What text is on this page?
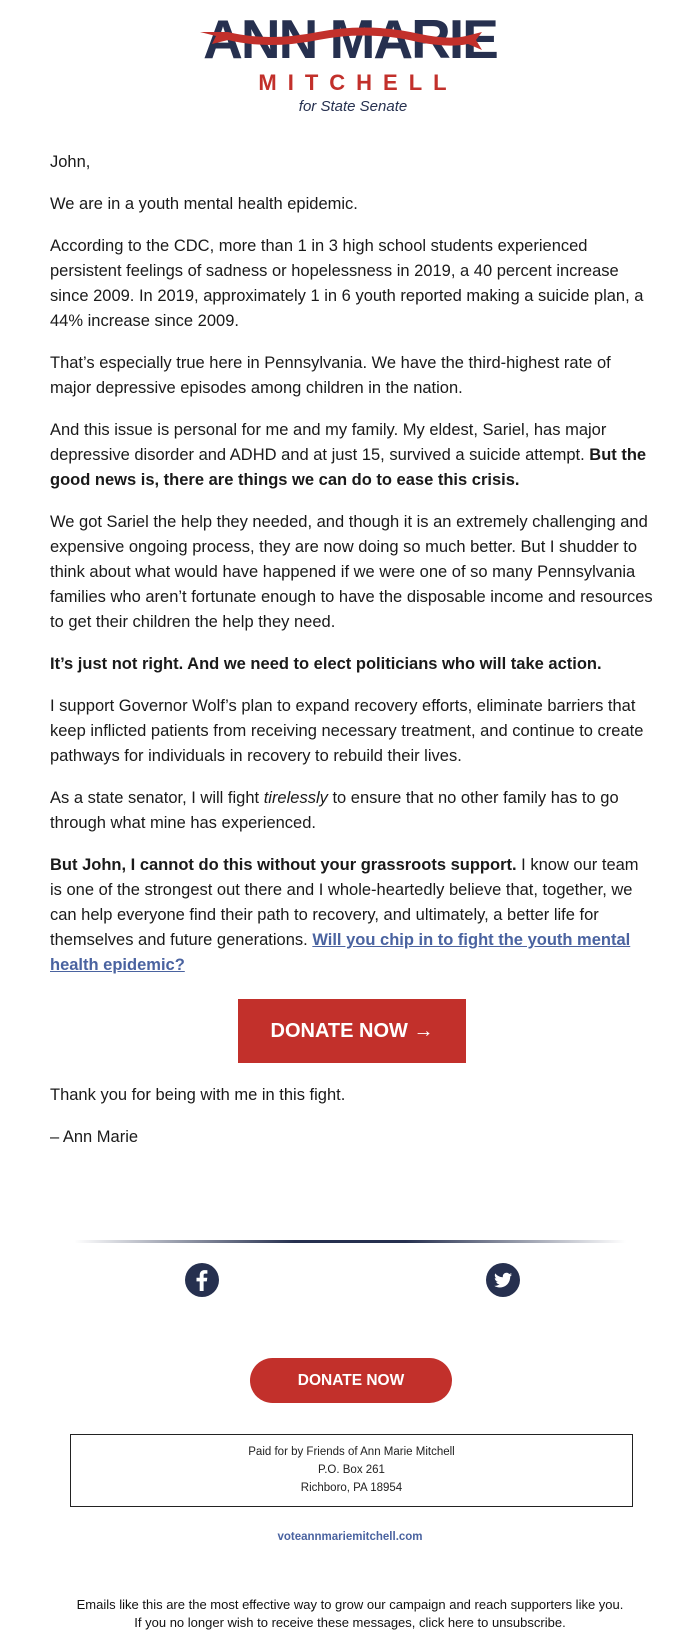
ANN MARIE
MITCHELL
for State Senate
John,
We are in a youth mental health epidemic.
According to the CDC, more than 1 in 3 high school students experienced persistent feelings of sadness or hopelessness in 2019, a 40 percent increase since 2009. In 2019, approximately 1 in 6 youth reported making a suicide plan, a 44% increase since 2009.
That’s especially true here in Pennsylvania. We have the third-highest rate of major depressive episodes among children in the nation.
And this issue is personal for me and my family. My eldest, Sariel, has major depressive disorder and ADHD and at just 15, survived a suicide attempt. But the good news is, there are things we can do to ease this crisis.
We got Sariel the help they needed, and though it is an extremely challenging and expensive ongoing process, they are now doing so much better. But I shudder to think about what would have happened if we were one of so many Pennsylvania families who aren’t fortunate enough to have the disposable income and resources to get their children the help they need.
It’s just not right. And we need to elect politicians who will take action.
I support Governor Wolf’s plan to expand recovery efforts, eliminate barriers that keep inflicted patients from receiving necessary treatment, and continue to create pathways for individuals in recovery to rebuild their lives.
As a state senator, I will fight tirelessly to ensure that no other family has to go through what mine has experienced.
But John, I cannot do this without your grassroots support. I know our team is one of the strongest out there and I whole-heartedly believe that, together, we can help everyone find their path to recovery, and ultimately, a better life for themselves and future generations. Will you chip in to fight the youth mental health epidemic?
DONATE NOW →
Thank you for being with me in this fight.
– Ann Marie
DONATE NOW
Paid for by Friends of Ann Marie Mitchell
P.O. Box 261
Richboro, PA 18954
voteannmariemitchell.com
Emails like this are the most effective way to grow our campaign and reach supporters like you.
If you no longer wish to receive these messages, click here to unsubscribe.
